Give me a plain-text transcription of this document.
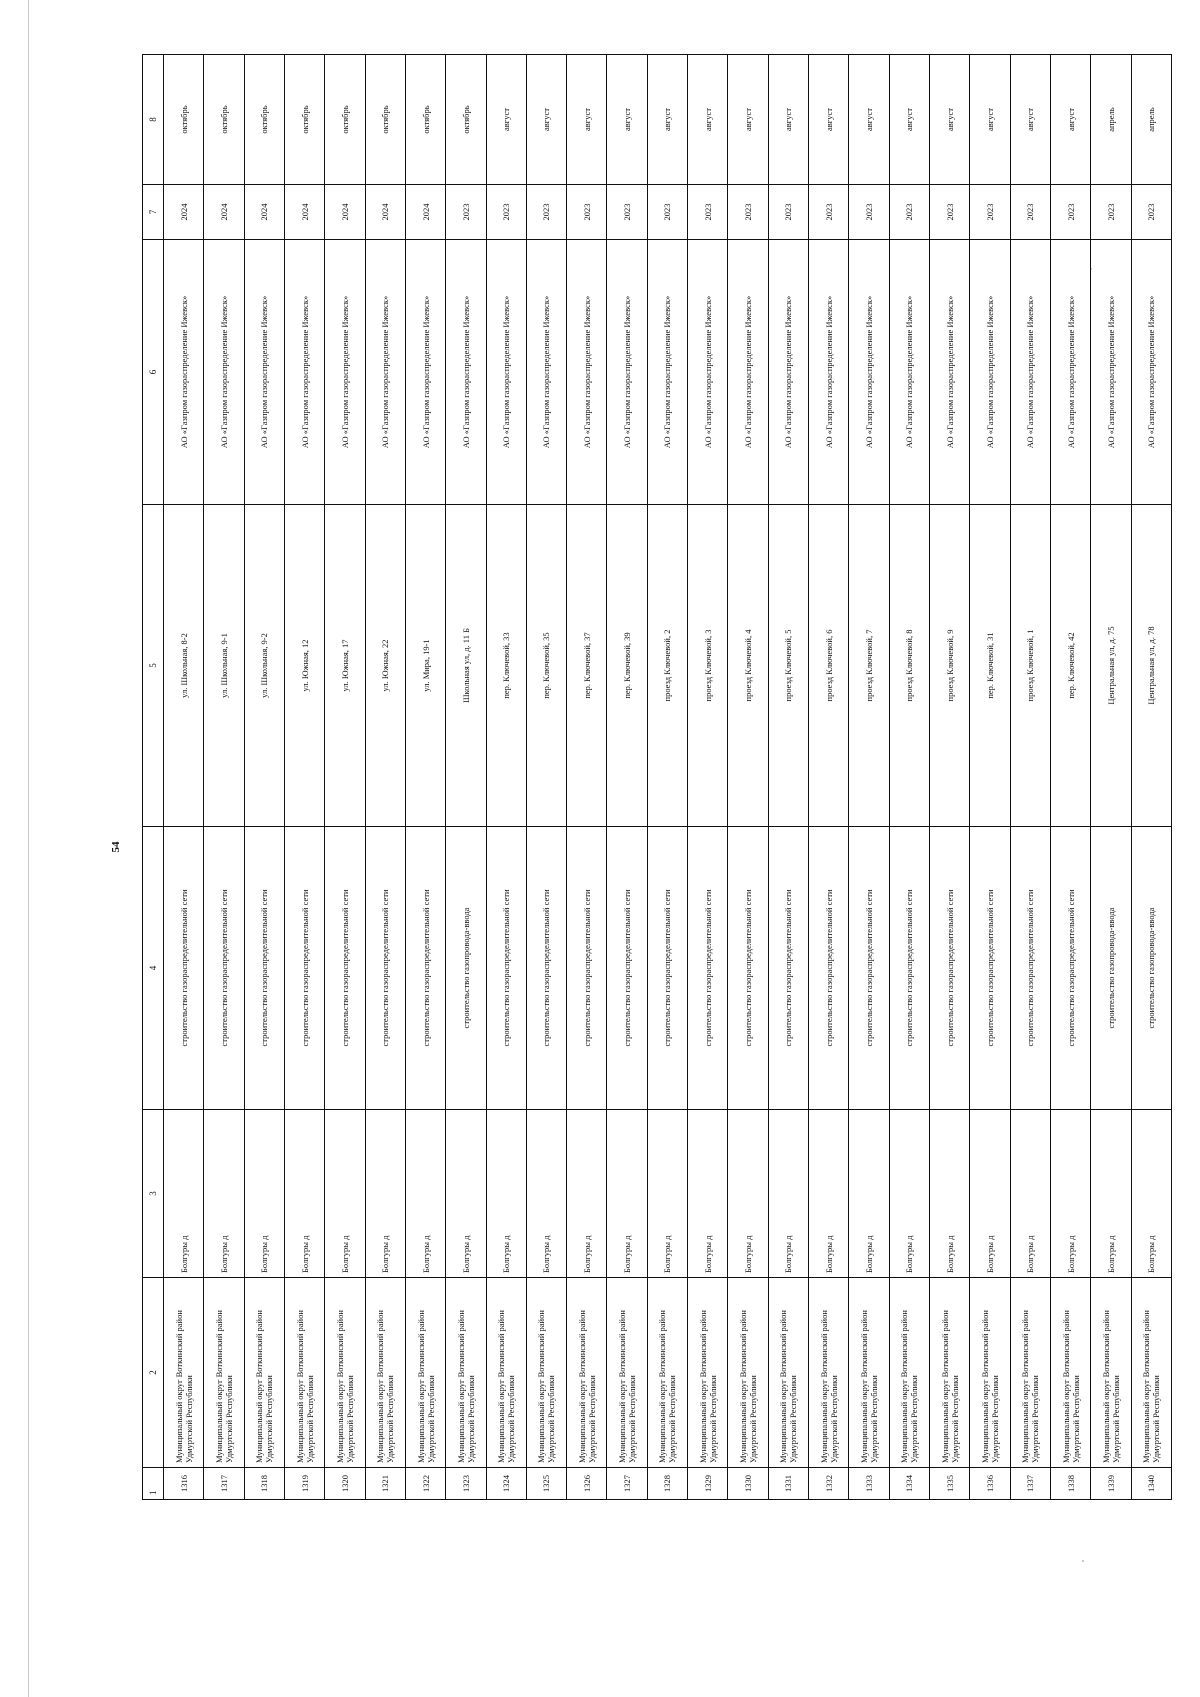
54
1	2	3	4	5	6	7	8
1316	Муниципальный округ Воткинский район Удмуртской Республики	Болгуры д	строительство газораспределительной сети	ул. Школьная, 8-2	АО «Газпром газораспределение Ижевск»	2024	октябрь
1317	Муниципальный округ Воткинский район Удмуртской Республики	Болгуры д	строительство газораспределительной сети	ул. Школьная, 9-1	АО «Газпром газораспределение Ижевск»	2024	октябрь
1318	Муниципальный округ Воткинский район Удмуртской Республики	Болгуры д	строительство газораспределительной сети	ул. Школьная, 9-2	АО «Газпром газораспределение Ижевск»	2024	октябрь
1319	Муниципальный округ Воткинский район Удмуртской Республики	Болгуры д	строительство газораспределительной сети	ул. Южная, 12	АО «Газпром газораспределение Ижевск»	2024	октябрь
1320	Муниципальный округ Воткинский район Удмуртской Республики	Болгуры д	строительство газораспределительной сети	ул. Южная, 17	АО «Газпром газораспределение Ижевск»	2024	октябрь
1321	Муниципальный округ Воткинский район Удмуртской Республики	Болгуры д	строительство газораспределительной сети	ул. Южная, 22	АО «Газпром газораспределение Ижевск»	2024	октябрь
1322	Муниципальный округ Воткинский район Удмуртской Республики	Болгуры д	строительство газораспределительной сети	ул. Мира, 19-1	АО «Газпром газораспределение Ижевск»	2024	октябрь
1323	Муниципальный округ Воткинский район Удмуртской Республики	Болгуры д	строительство газопровода-ввода	Школьная ул, д. 11 Б	АО «Газпром газораспределение Ижевск»	2023	октябрь
1324	Муниципальный округ Воткинский район Удмуртской Республики	Болгуры д	строительство газораспределительной сети	пер. Ключевой, 33	АО «Газпром газораспределение Ижевск»	2023	август
1325	Муниципальный округ Воткинский район Удмуртской Республики	Болгуры д	строительство газораспределительной сети	пер. Ключевой, 35	АО «Газпром газораспределение Ижевск»	2023	август
1326	Муниципальный округ Воткинский район Удмуртской Республики	Болгуры д	строительство газораспределительной сети	пер. Ключевой, 37	АО «Газпром газораспределение Ижевск»	2023	август
1327	Муниципальный округ Воткинский район Удмуртской Республики	Болгуры д	строительство газораспределительной сети	пер. Ключевой, 39	АО «Газпром газораспределение Ижевск»	2023	август
1328	Муниципальный округ Воткинский район Удмуртской Республики	Болгуры д	строительство газораспределительной сети	проезд Ключевой, 2	АО «Газпром газораспределение Ижевск»	2023	август
1329	Муниципальный округ Воткинский район Удмуртской Республики	Болгуры д	строительство газораспределительной сети	проезд Ключевой, 3	АО «Газпром газораспределение Ижевск»	2023	август
1330	Муниципальный округ Воткинский район Удмуртской Республики	Болгуры д	строительство газораспределительной сети	проезд Ключевой, 4	АО «Газпром газораспределение Ижевск»	2023	август
1331	Муниципальный округ Воткинский район Удмуртской Республики	Болгуры д	строительство газораспределительной сети	проезд Ключевой, 5	АО «Газпром газораспределение Ижевск»	2023	август
1332	Муниципальный округ Воткинский район Удмуртской Республики	Болгуры д	строительство газораспределительной сети	проезд Ключевой, 6	АО «Газпром газораспределение Ижевск»	2023	август
1333	Муниципальный округ Воткинский район Удмуртской Республики	Болгуры д	строительство газораспределительной сети	проезд Ключевой, 7	АО «Газпром газораспределение Ижевск»	2023	август
1334	Муниципальный округ Воткинский район Удмуртской Республики	Болгуры д	строительство газораспределительной сети	проезд Ключевой, 8	АО «Газпром газораспределение Ижевск»	2023	август
1335	Муниципальный округ Воткинский район Удмуртской Республики	Болгуры д	строительство газораспределительной сети	проезд Ключевой, 9	АО «Газпром газораспределение Ижевск»	2023	август
1336	Муниципальный округ Воткинский район Удмуртской Республики	Болгуры д	строительство газораспределительной сети	пер. Ключевой, 31	АО «Газпром газораспределение Ижевск»	2023	август
1337	Муниципальный округ Воткинский район Удмуртской Республики	Болгуры д	строительство газораспределительной сети	проезд Ключевой, 1	АО «Газпром газораспределение Ижевск»	2023	август
1338	Муниципальный округ Воткинский район Удмуртской Республики	Болгуры д	строительство газораспределительной сети	пер. Ключевой, 42	АО «Газпром газораспределение Ижевск»	2023	август
1339	Муниципальный округ Воткинский район Удмуртской Республики	Болгуры д	строительство газопровода-ввода	Центральная ул, д. 75	АО «Газпром газораспределение Ижевск»	2023	апрель
1340	Муниципальный округ Воткинский район Удмуртской Республики	Болгуры д	строительство газопровода-ввода	Центральная ул, д. 78	АО «Газпром газораспределение Ижевск»	2023	апрель
